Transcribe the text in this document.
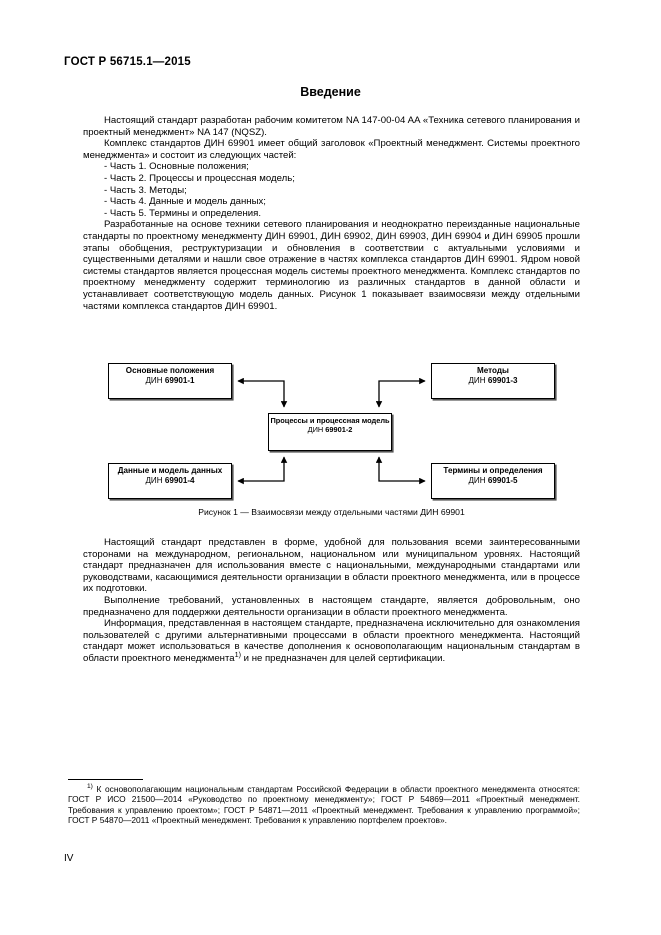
ГОСТ Р 56715.1—2015
Введение

Настоящий стандарт разработан рабочим комитетом NA 147-00-04 AA «Техника сетевого планирования и проектный менеджмент» NA 147 (NQSZ).

Комплекс стандартов ДИН 69901 имеет общий заголовок «Проектный менеджмент. Системы проектного менеджмента» и состоит из следующих частей:

- Часть 1. Основные положения;
- Часть 2. Процессы и процессная модель;
- Часть 3. Методы;
- Часть 4. Данные и модель данных;
- Часть 5. Термины и определения.

Разработанные на основе техники сетевого планирования и неоднократно переизданные национальные стандарты по проектному менеджменту ДИН 69901, ДИН 69902, ДИН 69903, ДИН 69904 и ДИН 69905 прошли этапы обобщения, реструктуризации и обновления в соответствии с актуальными условиями и существенными деталями и нашли свое отражение в частях комплекса стандартов ДИН 69901. Ядром новой системы стандартов является процессная модель системы проектного менеджмента. Комплекс стандартов по проектному менеджменту содержит терминологию из различных стандартов в данной области и устанавливает соответствующую модель данных. Рисунок 1 показывает взаимосвязи между отдельными частями комплекса стандартов ДИН 69901.

Основные положения
ДИН 69901-1
Методы
ДИН 69901-3
Процессы и процессная модель
ДИН 69901-2
Данные и модель данных
ДИН 69901-4
Термины и определения
ДИН 69901-5
Рисунок 1 — Взаимосвязи между отдельными частями ДИН 69901

Настоящий стандарт представлен в форме, удобной для пользования всеми заинтересованными сторонами на международном, региональном, национальном или муниципальном уровнях. Настоящий стандарт предназначен для использования вместе с национальными, международными стандартами или руководствами, касающимися деятельности организации в области проектного менеджмента, или в процессе их подготовки.

Выполнение требований, установленных в настоящем стандарте, является добровольным, оно предназначено для поддержки деятельности организации в области проектного менеджмента.

Информация, представленная в настоящем стандарте, предназначена исключительно для ознакомления пользователей с другими альтернативными процессами в области проектного менеджмента. Настоящий стандарт может использоваться в качестве дополнения к основополагающим национальным стандартам в области проектного менеджмента$^{1)}$ и не предназначен для целей сертификации.

$^{1)}$ К основополагающим национальным стандартам Российской Федерации в области проектного менеджмента относятся: ГОСТ Р ИСО 21500—2014 «Руководство по проектному менеджменту»; ГОСТ Р 54869—2011 «Проектный менеджмент. Требования к управлению проектом»; ГОСТ Р 54871—2011 «Проектный менеджмент. Требования к управлению программой»; ГОСТ Р 54870—2011 «Проектный менеджмент. Требования к управлению портфелем проектов».

IV
